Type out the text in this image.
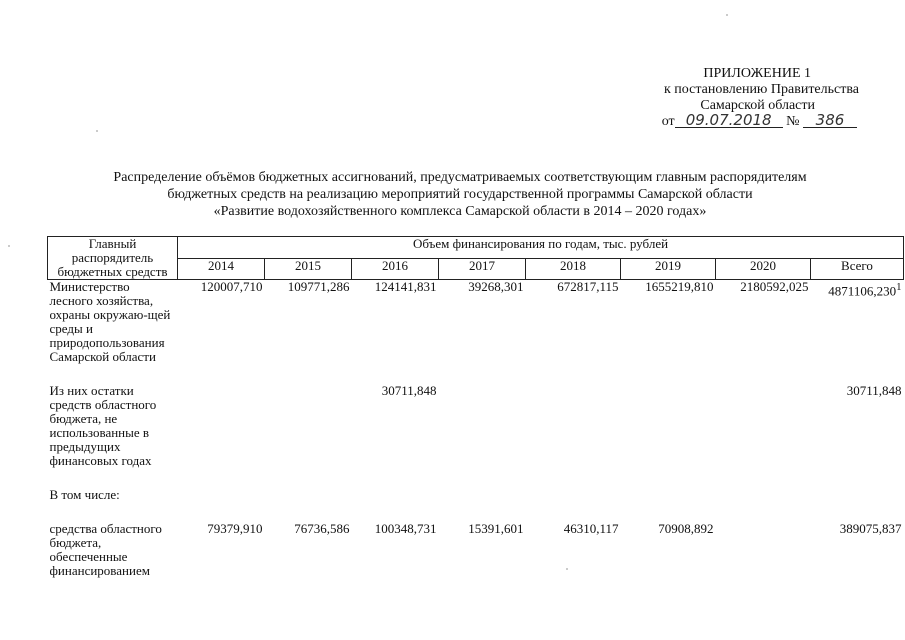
ПРИЛОЖЕНИЕ 1
к постановлению Правительства
Самарской области
от 09.07.2018 № 386
Распределение объёмов бюджетных ассигнований, предусматриваемых соответствующим главным распорядителям
бюджетных средств на реализацию мероприятий государственной программы Самарской области
«Развитие водохозяйственного комплекса Самарской области в 2014 – 2020 годах»
Главный распорядитель бюджетных средств	Объем финансирования по годам, тыс. рублей							
	2014	2015	2016	2017	2018	2019	2020	Всего
Министерство лесного хозяйства, охраны окружаю-щей среды и природопользования Самарской области	120007,710	109771,286	124141,831	39268,301	672817,115	1655219,810	2180592,025	4871106,230$^1$

Из них остатки средств областного бюджета, не использованные в предыдущих финансовых годах			30711,848					30711,848

В том числе:								

средства областного бюджета, обеспеченные финансированием	79379,910	76736,586	100348,731	15391,601	46310,117	70908,892		389075,837
